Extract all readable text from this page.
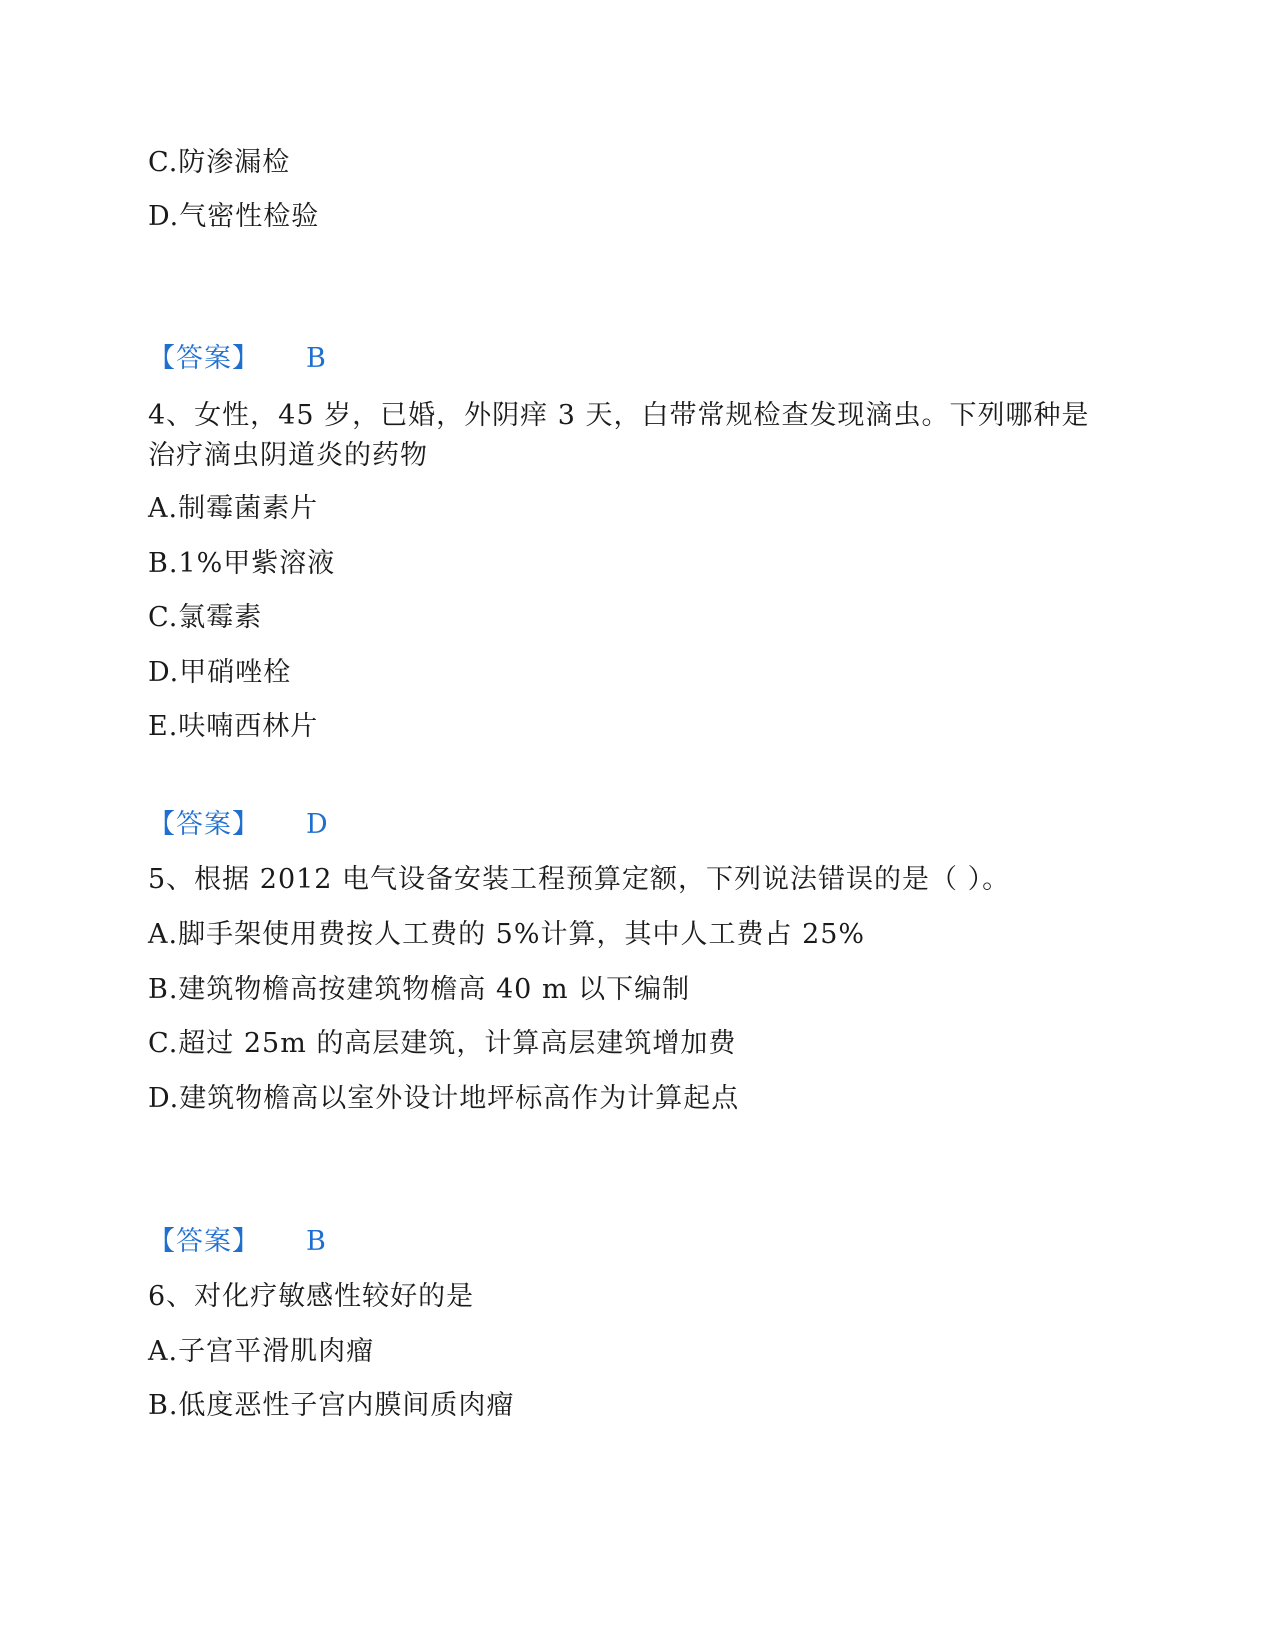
C.防渗漏检
D.气密性检验
【答案】 B
4、女性，45 岁，已婚，外阴痒 3 天，白带常规检查发现滴虫。下列哪种是治疗滴虫阴道炎的药物
A.制霉菌素片
B.1%甲紫溶液
C.氯霉素
D.甲硝唑栓
E.呋喃西林片
【答案】 D
5、根据 2012 电气设备安装工程预算定额，下列说法错误的是（ ）。
A.脚手架使用费按人工费的 5%计算，其中人工费占 25%
B.建筑物檐高按建筑物檐高 40 m 以下编制
C.超过 25m 的高层建筑，计算高层建筑增加费
D.建筑物檐高以室外设计地坪标高作为计算起点
【答案】 B
6、对化疗敏感性较好的是
A.子宫平滑肌肉瘤
B.低度恶性子宫内膜间质肉瘤
